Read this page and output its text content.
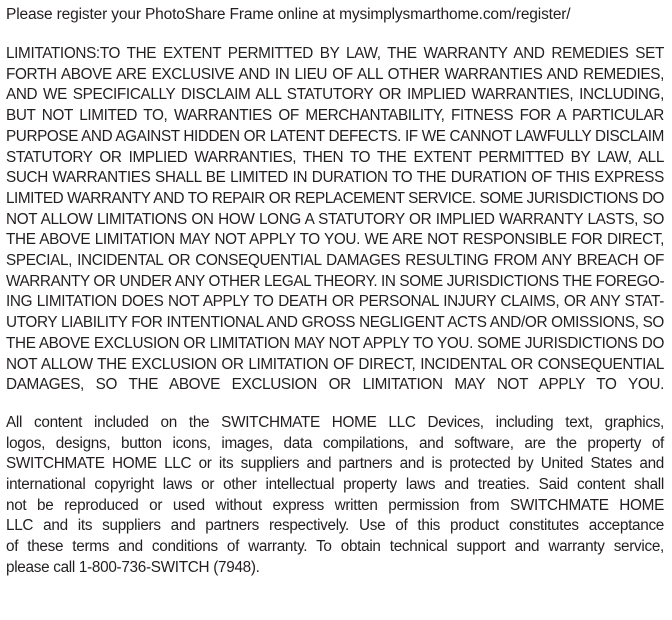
Please register your PhotoShare Frame online at mysimplysmarthome.com/register/

LIMITATIONS:TO THE EXTENT PERMITTED BY LAW, THE WARRANTY AND REMEDIES SET
FORTH ABOVE ARE EXCLUSIVE AND IN LIEU OF ALL OTHER WARRANTIES AND REMEDIES,
AND WE SPECIFICALLY DISCLAIM ALL STATUTORY OR IMPLIED WARRANTIES, INCLUDING,
BUT NOT LIMITED TO, WARRANTIES OF MERCHANTABILITY, FITNESS FOR A PARTICULAR
PURPOSE AND AGAINST HIDDEN OR LATENT DEFECTS. IF WE CANNOT LAWFULLY DISCLAIM
STATUTORY OR IMPLIED WARRANTIES, THEN TO THE EXTENT PERMITTED BY LAW, ALL
SUCH WARRANTIES SHALL BE LIMITED IN DURATION TO THE DURATION OF THIS EXPRESS
LIMITED WARRANTY AND TO REPAIR OR REPLACEMENT SERVICE. SOME JURISDICTIONS DO
NOT ALLOW LIMITATIONS ON HOW LONG A STATUTORY OR IMPLIED WARRANTY LASTS, SO
THE ABOVE LIMITATION MAY NOT APPLY TO YOU. WE ARE NOT RESPONSIBLE FOR DIRECT,
SPECIAL, INCIDENTAL OR CONSEQUENTIAL DAMAGES RESULTING FROM ANY BREACH OF
WARRANTY OR UNDER ANY OTHER LEGAL THEORY. IN SOME JURISDICTIONS THE FOREGO-
ING LIMITATION DOES NOT APPLY TO DEATH OR PERSONAL INJURY CLAIMS, OR ANY STAT-
UTORY LIABILITY FOR INTENTIONAL AND GROSS NEGLIGENT ACTS AND/OR OMISSIONS, SO
THE ABOVE EXCLUSION OR LIMITATION MAY NOT APPLY TO YOU. SOME JURISDICTIONS DO
NOT ALLOW THE EXCLUSION OR LIMITATION OF DIRECT, INCIDENTAL OR CONSEQUENTIAL
DAMAGES, SO THE ABOVE EXCLUSION OR LIMITATION MAY NOT APPLY TO YOU.
All content included on the SWITCHMATE HOME LLC Devices, including text, graphics,
logos, designs, button icons, images, data compilations, and software, are the property of
SWITCHMATE HOME LLC or its suppliers and partners and is protected by United States and
international copyright laws or other intellectual property laws and treaties. Said content shall
not be reproduced or used without express written permission from SWITCHMATE HOME
LLC and its suppliers and partners respectively. Use of this product constitutes acceptance
of these terms and conditions of warranty. To obtain technical support and warranty service,
please call 1-800-736-SWITCH (7948).
